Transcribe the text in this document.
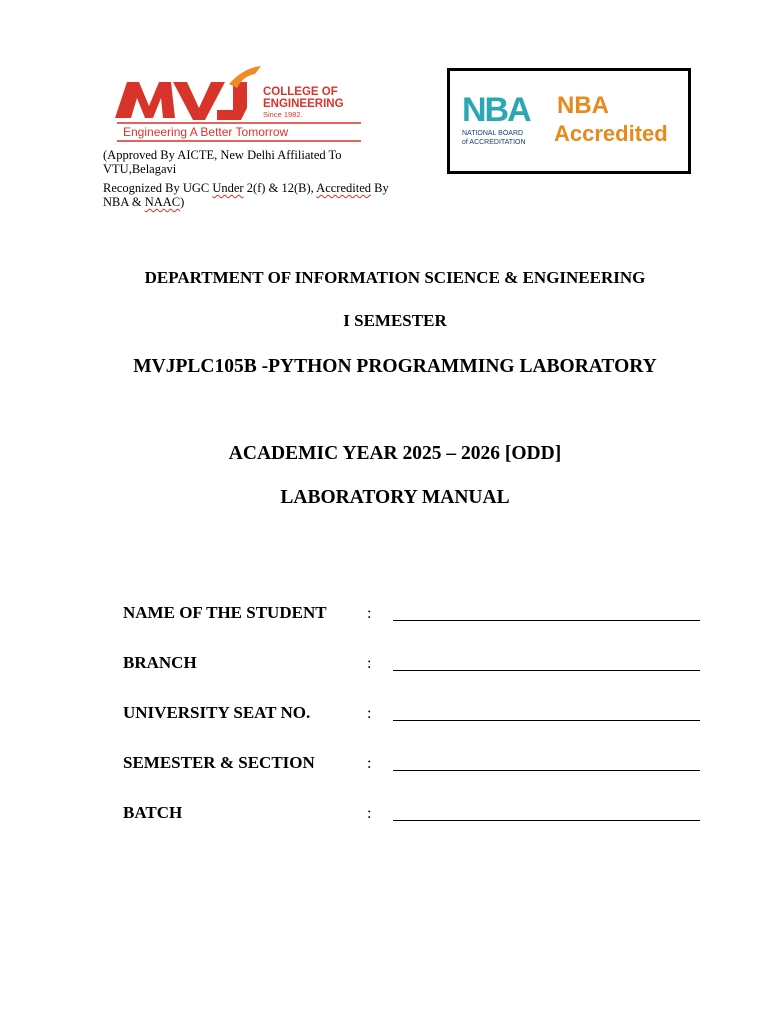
COLLEGE OF
ENGINEERING
Since 1982.
Engineering A Better Tomorrow
(Approved By AICTE, New Delhi Affiliated To
VTU,Belagavi
Recognized By UGC Under 2(f) & 12(B), Accredited By
NBA & NAAC)
NBA
NATIONAL BOARD
of ACCREDITATION
NBA
Accredited
DEPARTMENT OF INFORMATION SCIENCE & ENGINEERING
I SEMESTER
MVJPLC105B -PYTHON PROGRAMMING LABORATORY
ACADEMIC YEAR 2025 – 2026 [ODD]
LABORATORY MANUAL
NAME OF THE STUDENT	:
BRANCH	:
UNIVERSITY SEAT NO.	:
SEMESTER & SECTION	:
BATCH	:
